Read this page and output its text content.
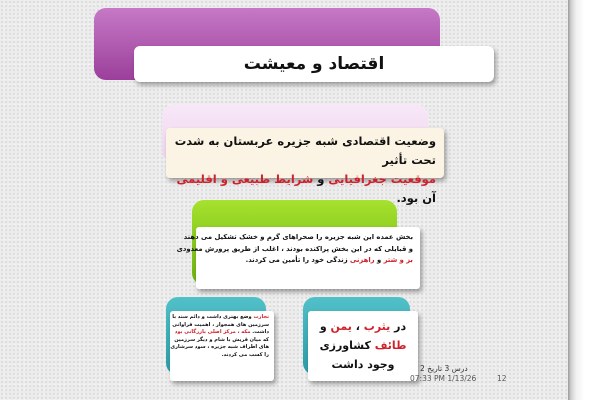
اقتصاد و معیشت
وضعیت اقتصادی شبه جزیره عربستان به شدت تحت تأثیر
موقعیت جغرافیایی و شرایط طبیعی و اقلیمی آن بود.
بخش عمده این شبه جزیره را صحراهای گرم و خشک تشکیل می دهند
و قبایلی که در این بخش پراکنده بودند ، اغلب از طریق پرورش معدودی
بز و شتر و راهزنی زندگی خود را تأمین می کردند.
تجارت وضع بهتری داشت و دائم سند با
سرزمین های همجوار ، اهمیت فراوانی
داشت. مکه ، مرکز اصلی بازرگانی بود
که میان قریش با شام و دیگر سرزمین
های اطراف شبه جزیره ، سود سرشاری
را کسب می کردند.
در یثرب ، یمن و
طائف کشاورزی
وجود داشت	درس 3 تاریخ 2
07:33 PM 1/13/26	12
